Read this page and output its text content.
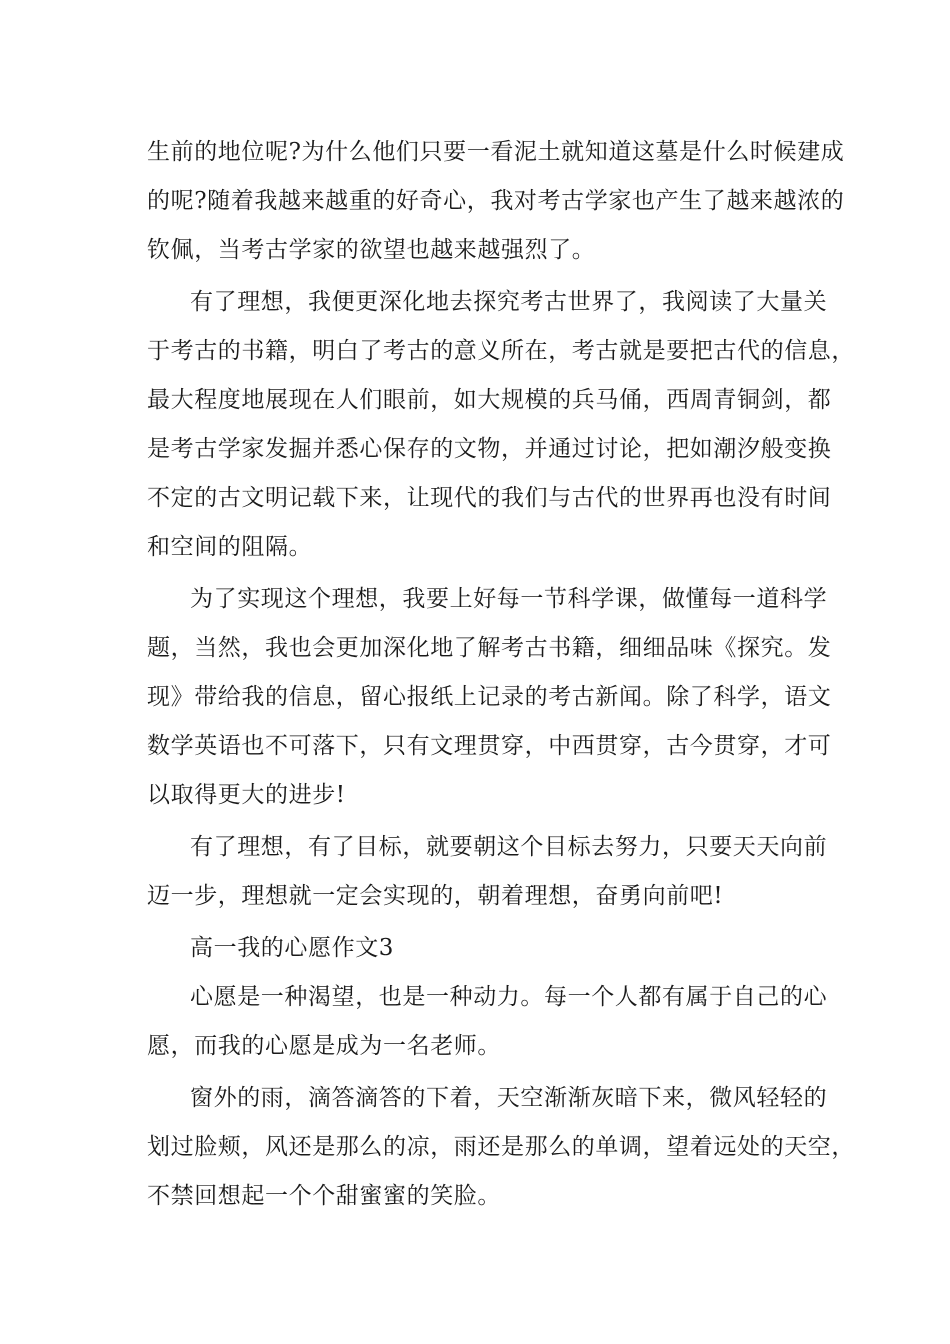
生前的地位呢?为什么他们只要一看泥土就知道这墓是什么时候建成
的呢?随着我越来越重的好奇心，我对考古学家也产生了越来越浓的
钦佩，当考古学家的欲望也越来越强烈了。
有了理想，我便更深化地去探究考古世界了，我阅读了大量关
于考古的书籍，明白了考古的意义所在，考古就是要把古代的信息，
最大程度地展现在人们眼前，如大规模的兵马俑，西周青铜剑，都
是考古学家发掘并悉心保存的文物，并通过讨论，把如潮汐般变换
不定的古文明记载下来，让现代的我们与古代的世界再也没有时间
和空间的阻隔。
为了实现这个理想，我要上好每一节科学课，做懂每一道科学
题，当然，我也会更加深化地了解考古书籍，细细品味《探究。发
现》带给我的信息，留心报纸上记录的考古新闻。除了科学，语文
数学英语也不可落下，只有文理贯穿，中西贯穿，古今贯穿，才可
以取得更大的进步!
有了理想，有了目标，就要朝这个目标去努力，只要天天向前
迈一步，理想就一定会实现的，朝着理想，奋勇向前吧!
高一我的心愿作文3
心愿是一种渴望，也是一种动力。每一个人都有属于自己的心
愿，而我的心愿是成为一名老师。
窗外的雨，滴答滴答的下着，天空渐渐灰暗下来，微风轻轻的
划过脸颊，风还是那么的凉，雨还是那么的单调，望着远处的天空，
不禁回想起一个个甜蜜蜜的笑脸。
